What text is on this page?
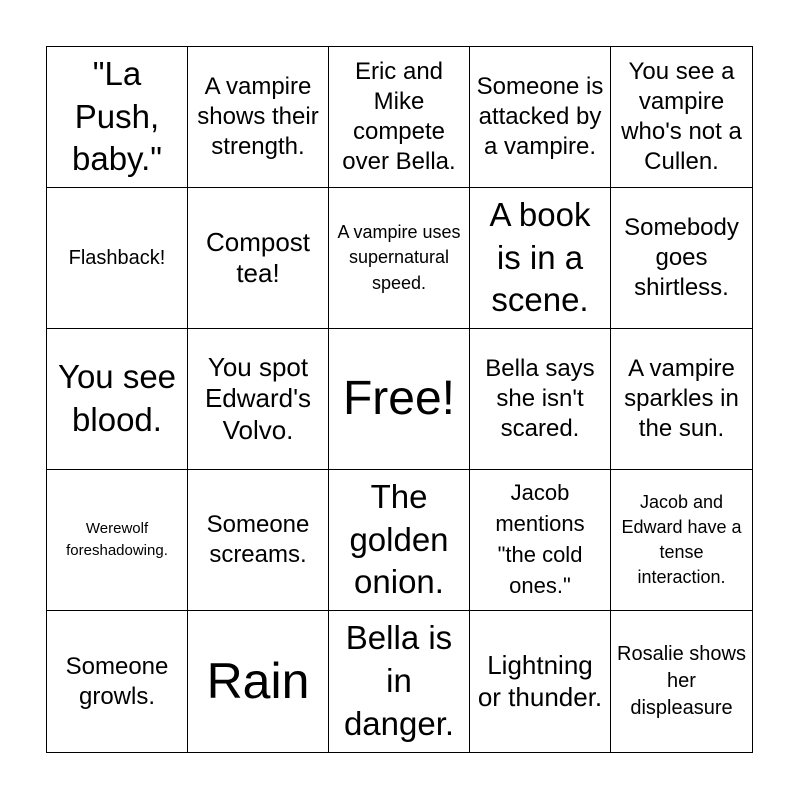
"La Push, baby."
A vampire shows their strength.
Eric and Mike compete over Bella.
Someone is attacked by a vampire.
You see a vampire who's not a Cullen.
Flashback!
Compost tea!
A vampire uses supernatural speed.
A book is in a scene.
Somebody goes shirtless.
You see blood.
You spot Edward's Volvo.
Free!
Bella says she isn't scared.
A vampire sparkles in the sun.
Werewolf foreshadowing.
Someone screams.
The golden onion.
Jacob mentions "the cold ones."
Jacob and Edward have a tense interaction.
Someone growls.	Rain
Bella is in danger.
Lightning or thunder.
Rosalie shows her displeasure
